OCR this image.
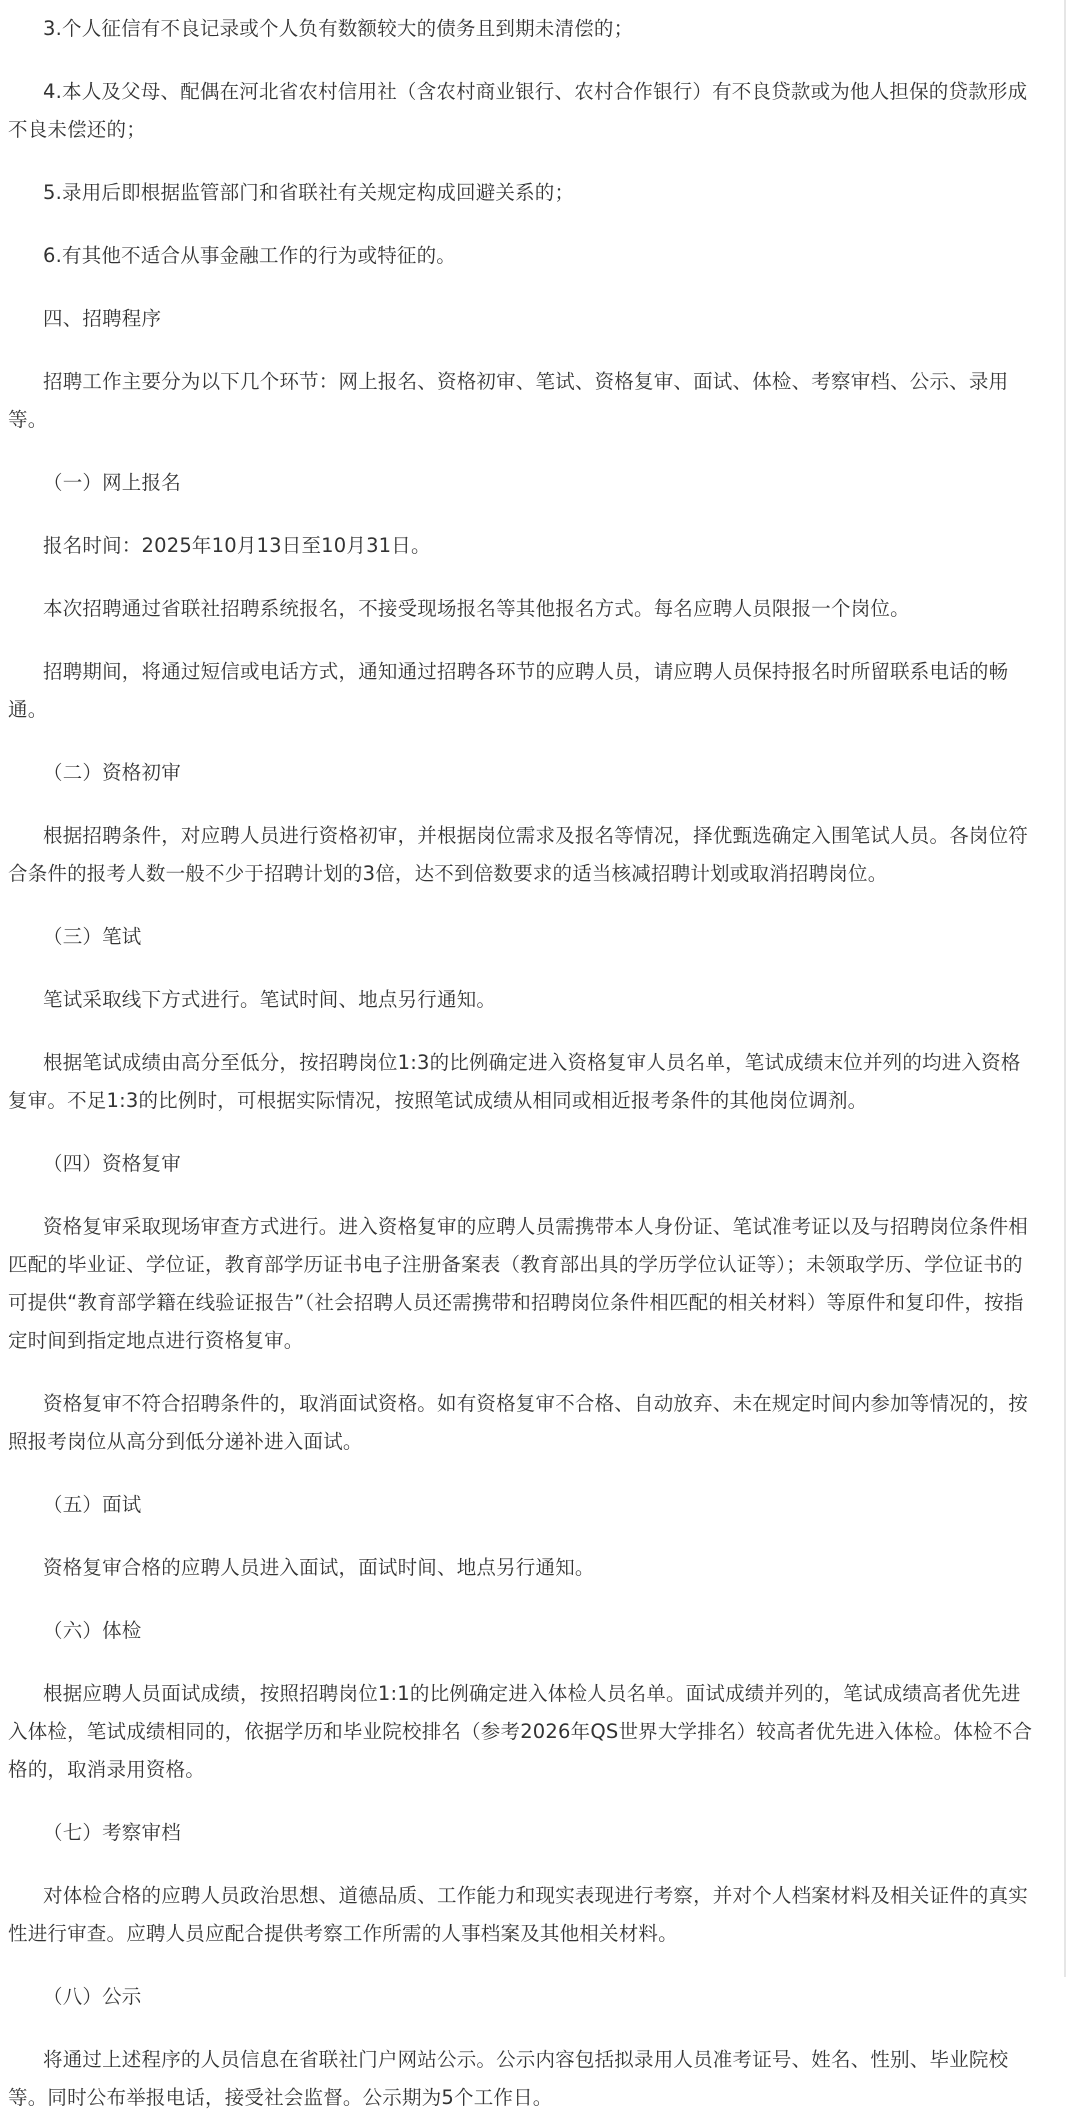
3.个人征信有不良记录或个人负有数额较大的债务且到期未清偿的；

4.本人及父母、配偶在河北省农村信用社（含农村商业银行、农村合作银行）有不良贷款或为他人担保的贷款形成不良未偿还的；

5.录用后即根据监管部门和省联社有关规定构成回避关系的；

6.有其他不适合从事金融工作的行为或特征的。

四、招聘程序

招聘工作主要分为以下几个环节：网上报名、资格初审、笔试、资格复审、面试、体检、考察审档、公示、录用等。

（一）网上报名

报名时间：2025年10月13日至10月31日。

本次招聘通过省联社招聘系统报名，不接受现场报名等其他报名方式。每名应聘人员限报一个岗位。

招聘期间，将通过短信或电话方式，通知通过招聘各环节的应聘人员，请应聘人员保持报名时所留联系电话的畅通。

（二）资格初审

根据招聘条件，对应聘人员进行资格初审，并根据岗位需求及报名等情况，择优甄选确定入围笔试人员。各岗位符合条件的报考人数一般不少于招聘计划的3倍，达不到倍数要求的适当核减招聘计划或取消招聘岗位。

（三）笔试

笔试采取线下方式进行。笔试时间、地点另行通知。

根据笔试成绩由高分至低分，按招聘岗位1:3的比例确定进入资格复审人员名单，笔试成绩末位并列的均进入资格复审。不足1:3的比例时，可根据实际情况，按照笔试成绩从相同或相近报考条件的其他岗位调剂。

（四）资格复审

资格复审采取现场审查方式进行。进入资格复审的应聘人员需携带本人身份证、笔试准考证以及与招聘岗位条件相匹配的毕业证、学位证，教育部学历证书电子注册备案表（教育部出具的学历学位认证等）；未领取学历、学位证书的可提供“教育部学籍在线验证报告”（社会招聘人员还需携带和招聘岗位条件相匹配的相关材料）等原件和复印件，按指定时间到指定地点进行资格复审。

资格复审不符合招聘条件的，取消面试资格。如有资格复审不合格、自动放弃、未在规定时间内参加等情况的，按照报考岗位从高分到低分递补进入面试。

（五）面试

资格复审合格的应聘人员进入面试，面试时间、地点另行通知。

（六）体检

根据应聘人员面试成绩，按照招聘岗位1:1的比例确定进入体检人员名单。面试成绩并列的，笔试成绩高者优先进入体检，笔试成绩相同的，依据学历和毕业院校排名（参考2026年QS世界大学排名）较高者优先进入体检。体检不合格的，取消录用资格。

（七）考察审档

对体检合格的应聘人员政治思想、道德品质、工作能力和现实表现进行考察，并对个人档案材料及相关证件的真实性进行审查。应聘人员应配合提供考察工作所需的人事档案及其他相关材料。

（八）公示

将通过上述程序的人员信息在省联社门户网站公示。公示内容包括拟录用人员准考证号、姓名、性别、毕业院校等。同时公布举报电话，接受社会监督。公示期为5个工作日。
